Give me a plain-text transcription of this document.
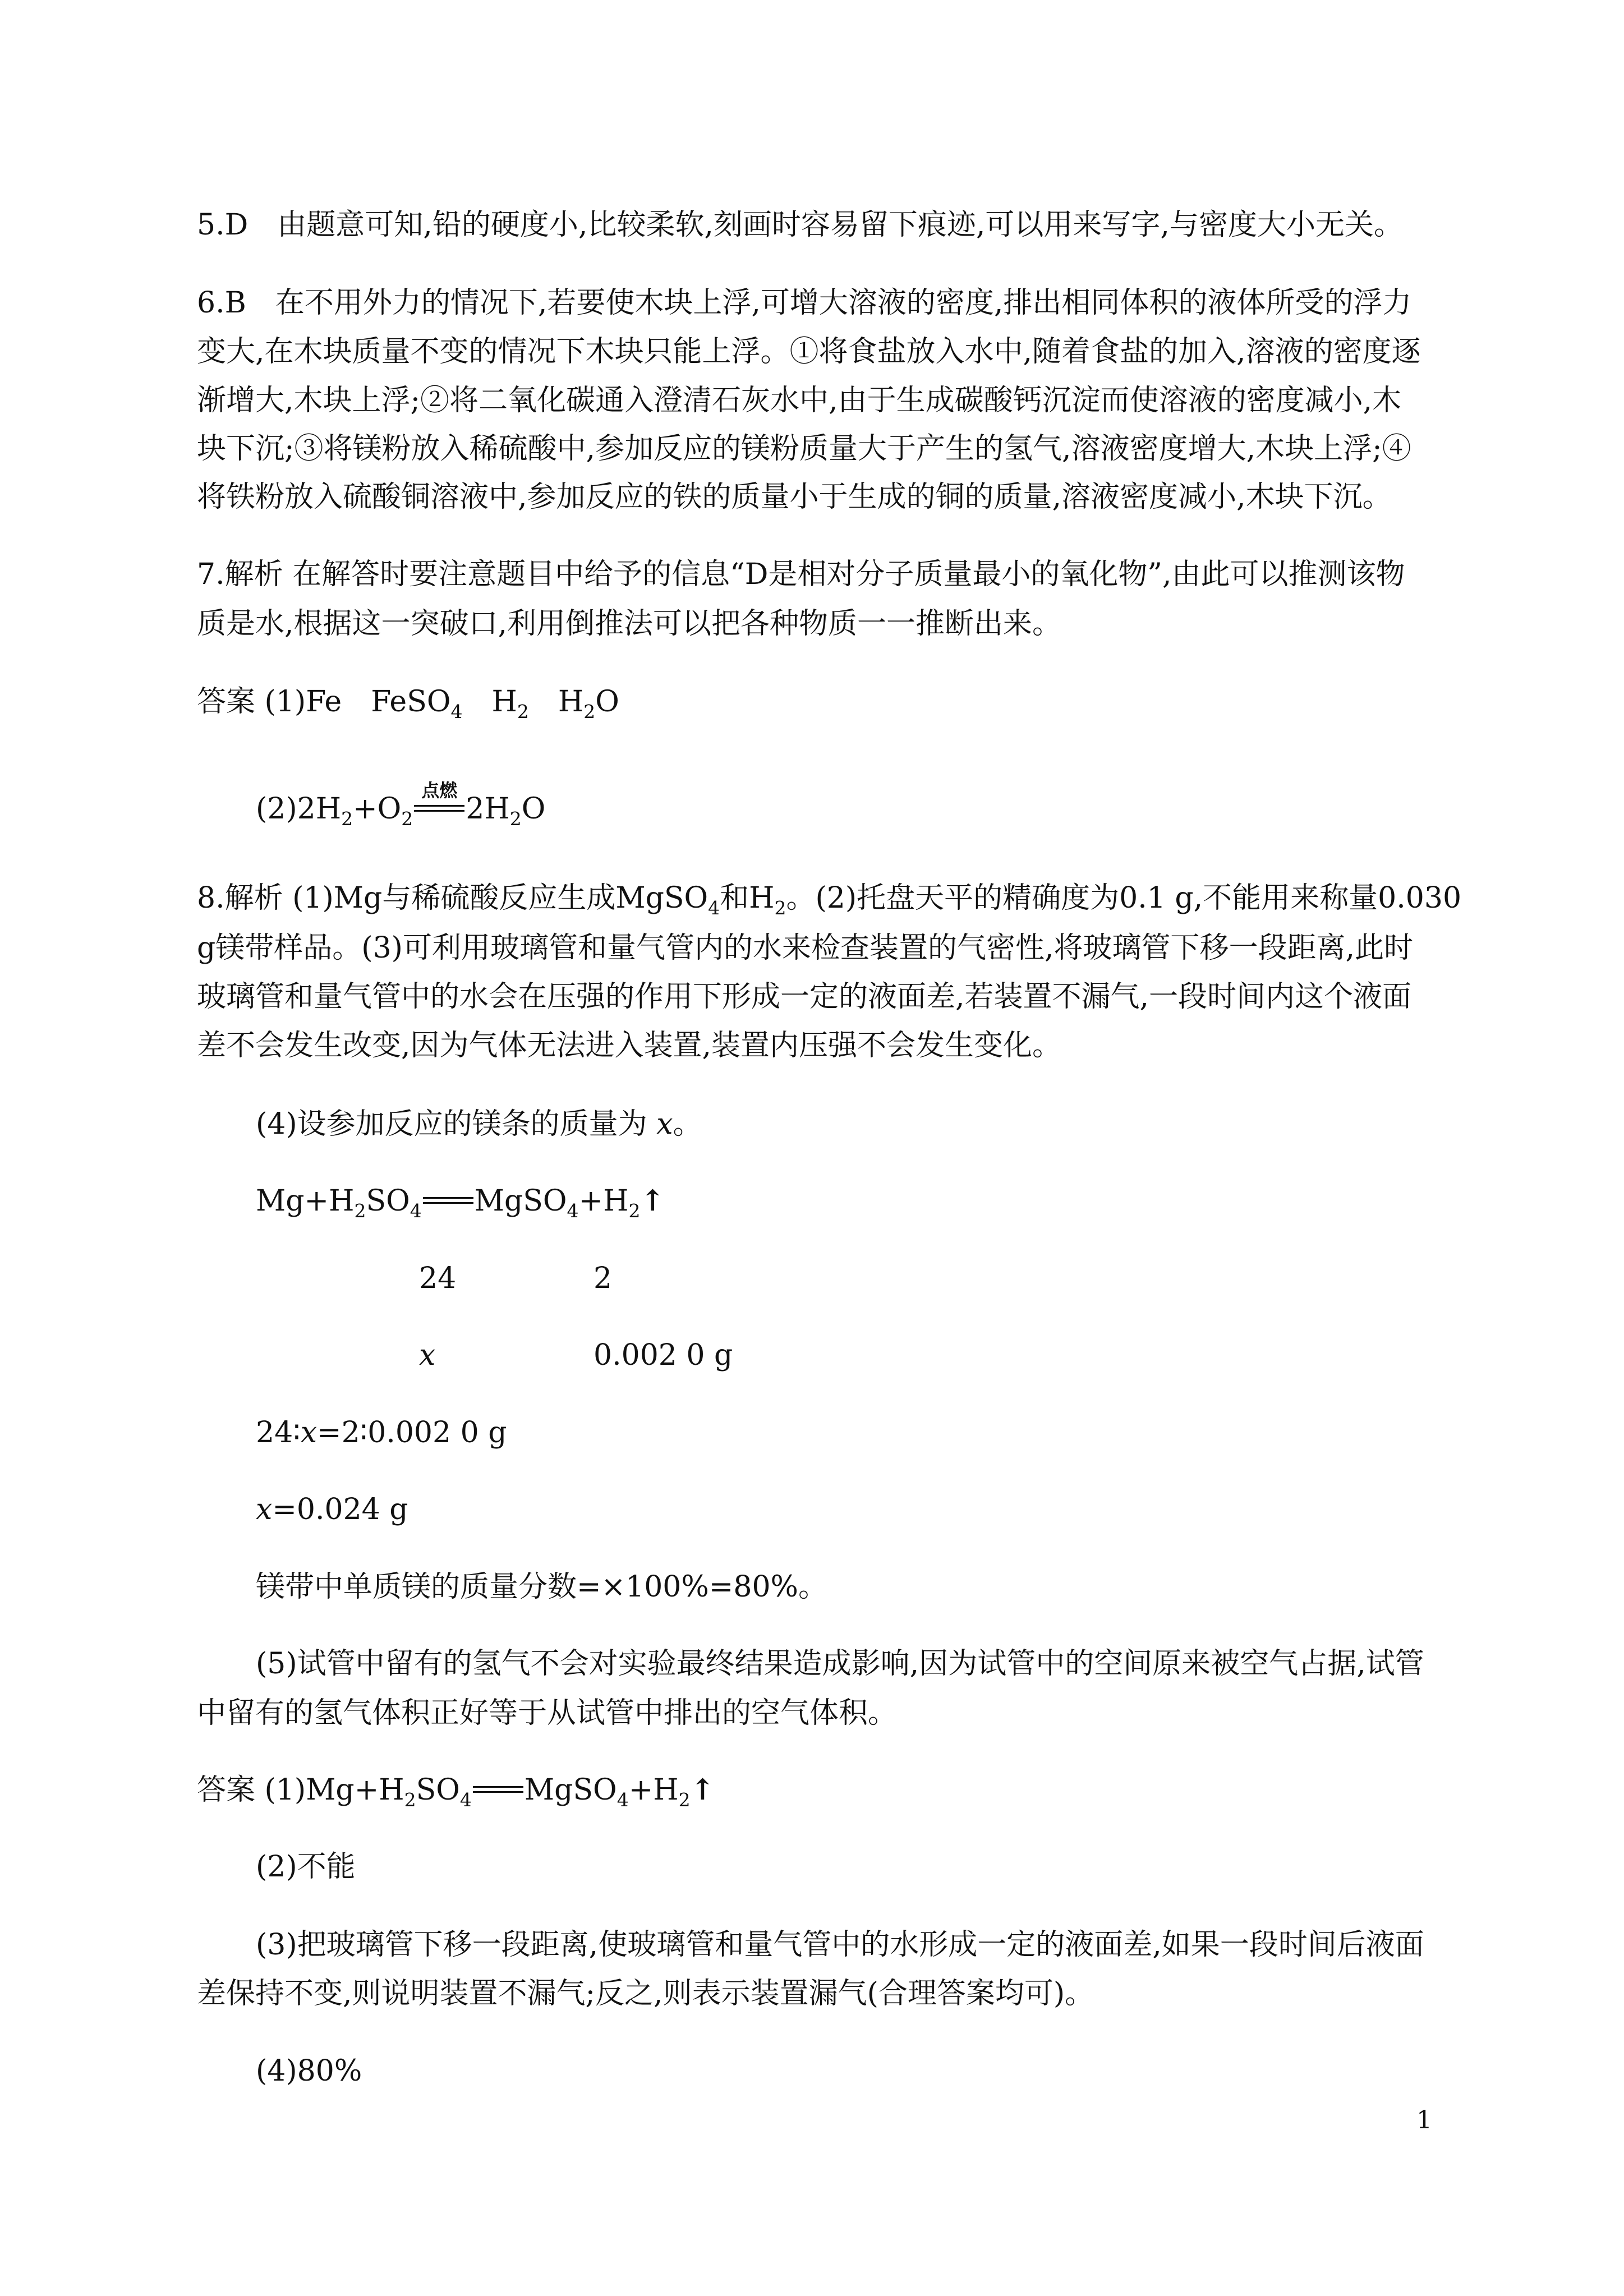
5.D　由题意可知,铅的硬度小,比较柔软,刻画时容易留下痕迹,可以用来写字,与密度大小无关。
6.B　在不用外力的情况下,若要使木块上浮,可增大溶液的密度,排出相同体积的液体所受的浮力
变大,在木块质量不变的情况下木块只能上浮。①将食盐放入水中,随着食盐的加入,溶液的密度逐
渐增大,木块上浮;②将二氧化碳通入澄清石灰水中,由于生成碳酸钙沉淀而使溶液的密度减小,木
块下沉;③将镁粉放入稀硫酸中,参加反应的镁粉质量大于产生的氢气,溶液密度增大,木块上浮;④
将铁粉放入硫酸铜溶液中,参加反应的铁的质量小于生成的铜的质量,溶液密度减小,木块下沉。
7.解析 在解答时要注意题目中给予的信息“D是相对分子质量最小的氧化物”,由此可以推测该物
质是水,根据这一突破口,利用倒推法可以把各种物质一一推断出来。
答案 (1)Fe　FeSO$_4$　$H_2$　$H_2O$
$(2)2H_2+O_2$
点燃
$2H_2O$
8.解析 (1)Mg与稀硫酸反应生成MgSO$_4$和$H_2$。(2)托盘天平的精确度为0.1 g,不能用来称量0.030
g镁带样品。(3)可利用玻璃管和量气管内的水来检查装置的气密性,将玻璃管下移一段距离,此时
玻璃管和量气管中的水会在压强的作用下形成一定的液面差,若装置不漏气,一段时间内这个液面
差不会发生改变,因为气体无法进入装置,装置内压强不会发生变化。
(4)设参加反应的镁条的质量为 x。
$Mg+H_2SO_4$ $MgSO_4+H_2↑$
24	2
x	0.002 0 g
24∶x=2∶0.002 0 g
x=0.024 g
镁带中单质镁的质量分数=×100%=80%。
(5)试管中留有的氢气不会对实验最终结果造成影响,因为试管中的空间原来被空气占据,试管
中留有的氢气体积正好等于从试管中排出的空气体积。
答案 $(1)Mg+H_2SO_4$ $MgSO_4+H_2↑$
(2)不能
(3)把玻璃管下移一段距离,使玻璃管和量气管中的水形成一定的液面差,如果一段时间后液面
差保持不变,则说明装置不漏气;反之,则表示装置漏气(合理答案均可)。
(4)80%
1
